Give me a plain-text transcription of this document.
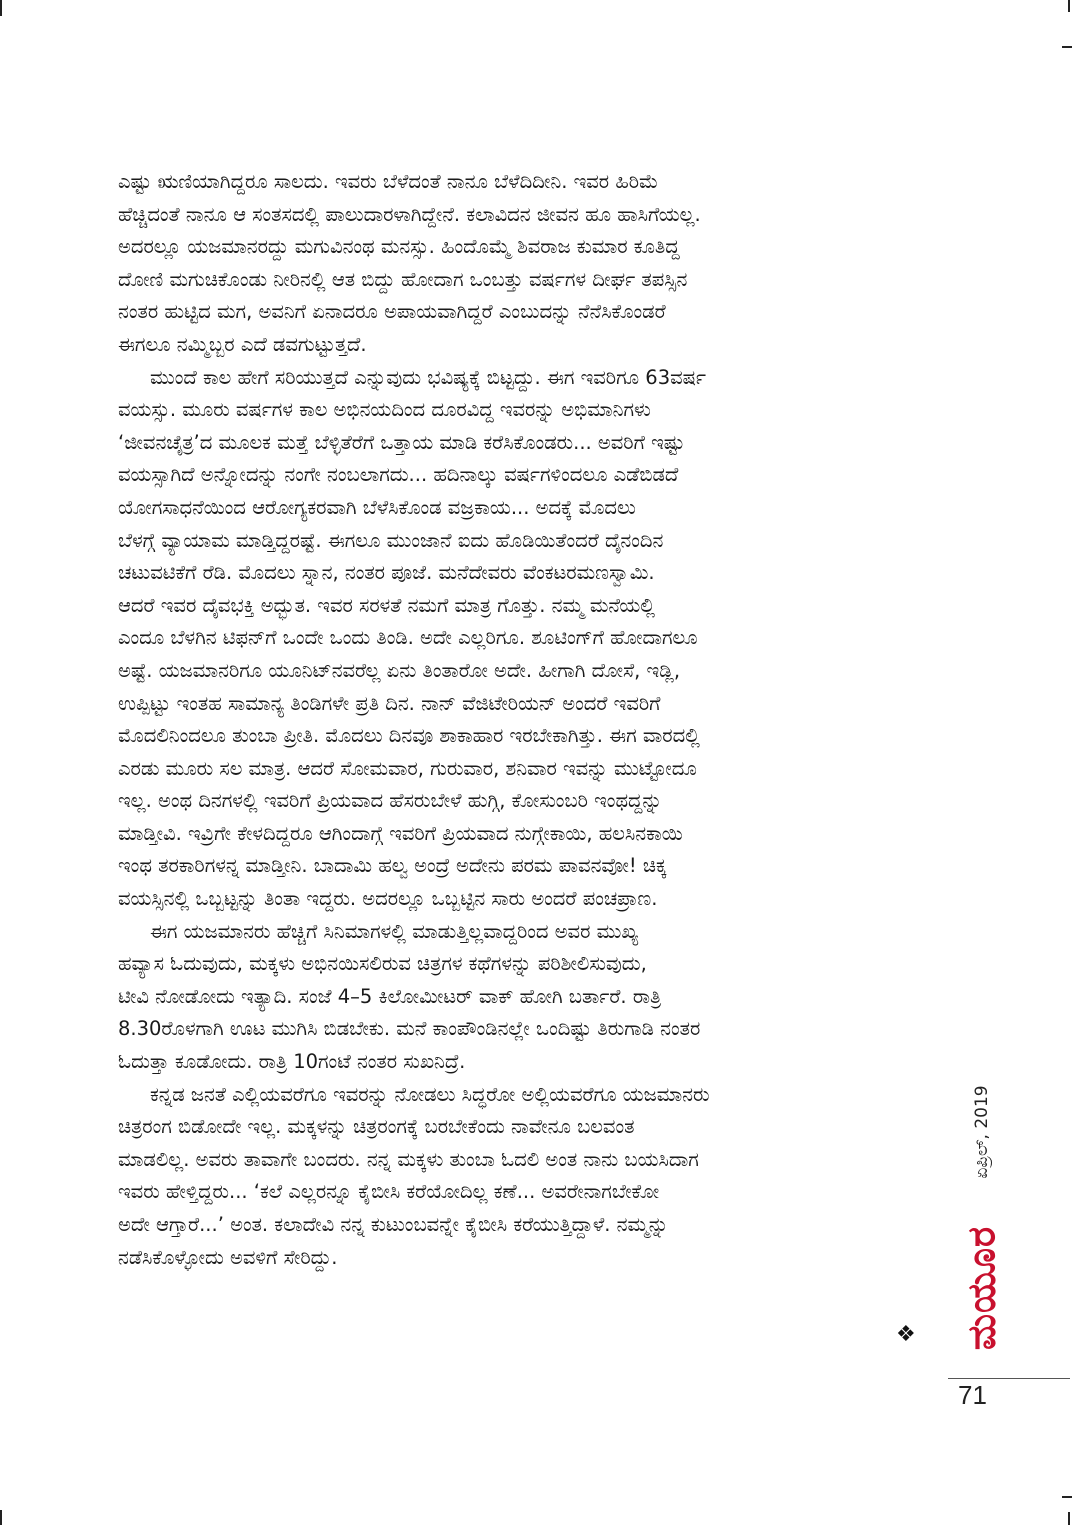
ಎಷ್ಟು ಋಣಿಯಾಗಿದ್ದರೂ ಸಾಲದು. ಇವರು ಬೆಳೆದಂತೆ ನಾನೂ ಬೆಳೆದಿದೀನಿ. ಇವರ ಹಿರಿಮೆ
ಹೆಚ್ಚಿದಂತೆ ನಾನೂ ಆ ಸಂತಸದಲ್ಲಿ ಪಾಲುದಾರಳಾಗಿದ್ದೇನೆ. ಕಲಾವಿದನ ಜೀವನ ಹೂ ಹಾಸಿಗೆಯಲ್ಲ.
ಅದರಲ್ಲೂ ಯಜಮಾನರದ್ದು ಮಗುವಿನಂಥ ಮನಸ್ಸು. ಹಿಂದೊಮ್ಮೆ ಶಿವರಾಜ ಕುಮಾರ ಕೂತಿದ್ದ
ದೋಣಿ ಮಗುಚಿಕೊಂಡು ನೀರಿನಲ್ಲಿ ಆತ ಬಿದ್ದು ಹೋದಾಗ ಒಂಬತ್ತು ವರ್ಷಗಳ ದೀರ್ಘ ತಪಸ್ಸಿನ
ನಂತರ ಹುಟ್ಟಿದ ಮಗ, ಅವನಿಗೆ ಏನಾದರೂ ಅಪಾಯವಾಗಿದ್ದರೆ ಎಂಬುದನ್ನು ನೆನೆಸಿಕೊಂಡರೆ
ಈಗಲೂ ನಮ್ಮಿಬ್ಬರ ಎದೆ ಡವಗುಟ್ಟುತ್ತದೆ.
ಮುಂದೆ ಕಾಲ ಹೇಗೆ ಸರಿಯುತ್ತದೆ ಎನ್ನುವುದು ಭವಿಷ್ಯಕ್ಕೆ ಬಿಟ್ಟದ್ದು. ಈಗ ಇವರಿಗೂ 63ವರ್ಷ
ವಯಸ್ಸು. ಮೂರು ವರ್ಷಗಳ ಕಾಲ ಅಭಿನಯದಿಂದ ದೂರವಿದ್ದ ಇವರನ್ನು ಅಭಿಮಾನಿಗಳು
‘ಜೀವನಚೈತ್ರ’ದ ಮೂಲಕ ಮತ್ತೆ ಬೆಳ್ಳಿತೆರೆಗೆ ಒತ್ತಾಯ ಮಾಡಿ ಕರೆಸಿಕೊಂಡರು... ಅವರಿಗೆ ಇಷ್ಟು
ವಯಸ್ಸಾಗಿದೆ ಅನ್ನೋದನ್ನು ನಂಗೇ ನಂಬಲಾಗದು... ಹದಿನಾಲ್ಕು ವರ್ಷಗಳಿಂದಲೂ ಎಡೆಬಿಡದೆ
ಯೋಗಸಾಧನೆಯಿಂದ ಆರೋಗ್ಯಕರವಾಗಿ ಬೆಳೆಸಿಕೊಂಡ ವಜ್ರಕಾಯ... ಅದಕ್ಕೆ ಮೊದಲು
ಬೆಳಗ್ಗೆ ವ್ಯಾಯಾಮ ಮಾಡ್ತಿದ್ದರಷ್ಟೆ. ಈಗಲೂ ಮುಂಜಾನೆ ಐದು ಹೊಡಿಯಿತೆಂದರೆ ದೈನಂದಿನ
ಚಟುವಟಿಕೆಗೆ ರೆಡಿ. ಮೊದಲು ಸ್ನಾನ, ನಂತರ ಪೂಜೆ. ಮನೆದೇವರು ವೆಂಕಟರಮಣಸ್ವಾಮಿ.
ಆದರೆ ಇವರ ದೈವಭಕ್ತಿ ಅದ್ಭುತ. ಇವರ ಸರಳತೆ ನಮಗೆ ಮಾತ್ರ ಗೊತ್ತು. ನಮ್ಮ ಮನೆಯಲ್ಲಿ
ಎಂದೂ ಬೆಳಗಿನ ಟಿಫನ್‌ಗೆ ಒಂದೇ ಒಂದು ತಿಂಡಿ. ಅದೇ ಎಲ್ಲರಿಗೂ. ಶೂಟಿಂಗ್‌ಗೆ ಹೋದಾಗಲೂ
ಅಷ್ಟೆ. ಯಜಮಾನರಿಗೂ ಯೂನಿಟ್‌ನವರೆಲ್ಲ ಏನು ತಿಂತಾರೋ ಅದೇ. ಹೀಗಾಗಿ ದೋಸೆ, ಇಡ್ಲಿ,
ಉಪ್ಪಿಟ್ಟು ಇಂತಹ ಸಾಮಾನ್ಯ ತಿಂಡಿಗಳೇ ಪ್ರತಿ ದಿನ. ನಾನ್ ವೆಜಿಟೇರಿಯನ್ ಅಂದರೆ ಇವರಿಗೆ
ಮೊದಲಿನಿಂದಲೂ ತುಂಬಾ ಪ್ರೀತಿ. ಮೊದಲು ದಿನವೂ ಶಾಕಾಹಾರ ಇರಬೇಕಾಗಿತ್ತು. ಈಗ ವಾರದಲ್ಲಿ
ಎರಡು ಮೂರು ಸಲ ಮಾತ್ರ. ಆದರೆ ಸೋಮವಾರ, ಗುರುವಾರ, ಶನಿವಾರ ಇವನ್ನು ಮುಟ್ಟೋದೂ
ಇಲ್ಲ. ಅಂಥ ದಿನಗಳಲ್ಲಿ ಇವರಿಗೆ ಪ್ರಿಯವಾದ ಹೆಸರುಬೇಳೆ ಹುಗ್ಗಿ, ಕೋಸುಂಬರಿ ಇಂಥದ್ದನ್ನು
ಮಾಡ್ತೀವಿ. ಇವ್ರಿಗೇ ಕೇಳದಿದ್ದರೂ ಆಗಿಂದಾಗ್ಗೆ ಇವರಿಗೆ ಪ್ರಿಯವಾದ ನುಗ್ಗೇಕಾಯಿ, ಹಲಸಿನಕಾಯಿ
ಇಂಥ ತರಕಾರಿಗಳನ್ನ ಮಾಡ್ತೀನಿ. ಬಾದಾಮಿ ಹಲ್ವ ಅಂದ್ರೆ ಅದೇನು ಪರಮ ಪಾವನವೋ! ಚಿಕ್ಕ
ವಯಸ್ಸಿನಲ್ಲಿ ಒಬ್ಬಟ್ಟನ್ನು ತಿಂತಾ ಇದ್ದರು. ಅದರಲ್ಲೂ ಒಬ್ಬಟ್ಟಿನ ಸಾರು ಅಂದರೆ ಪಂಚಪ್ರಾಣ.
ಈಗ ಯಜಮಾನರು ಹೆಚ್ಚಿಗೆ ಸಿನಿಮಾಗಳಲ್ಲಿ ಮಾಡುತ್ತಿಲ್ಲವಾದ್ದರಿಂದ ಅವರ ಮುಖ್ಯ
ಹವ್ಯಾಸ ಓದುವುದು, ಮಕ್ಕಳು ಅಭಿನಯಿಸಲಿರುವ ಚಿತ್ರಗಳ ಕಥೆಗಳನ್ನು ಪರಿಶೀಲಿಸುವುದು,
ಟೀವಿ ನೋಡೋದು ಇತ್ಯಾದಿ. ಸಂಜೆ 4–5 ಕಿಲೋಮೀಟರ್ ವಾಕ್ ಹೋಗಿ ಬರ್ತಾರೆ. ರಾತ್ರಿ
8.30ರೊಳಗಾಗಿ ಊಟ ಮುಗಿಸಿ ಬಿಡಬೇಕು. ಮನೆ ಕಾಂಪೌಂಡಿನಲ್ಲೇ ಒಂದಿಷ್ಟು ತಿರುಗಾಡಿ ನಂತರ
ಓದುತ್ತಾ ಕೂಡೋದು. ರಾತ್ರಿ 10ಗಂಟೆ ನಂತರ ಸುಖನಿದ್ರೆ.
ಕನ್ನಡ ಜನತೆ ಎಲ್ಲಿಯವರೆಗೂ ಇವರನ್ನು ನೋಡಲು ಸಿದ್ಧರೋ ಅಲ್ಲಿಯವರೆಗೂ ಯಜಮಾನರು
ಚಿತ್ರರಂಗ ಬಿಡೋದೇ ಇಲ್ಲ. ಮಕ್ಕಳನ್ನು ಚಿತ್ರರಂಗಕ್ಕೆ ಬರಬೇಕೆಂದು ನಾವೇನೂ ಬಲವಂತ
ಮಾಡಲಿಲ್ಲ. ಅವರು ತಾವಾಗೇ ಬಂದರು. ನನ್ನ ಮಕ್ಕಳು ತುಂಬಾ ಓದಲಿ ಅಂತ ನಾನು ಬಯಸಿದಾಗ
ಇವರು ಹೇಳ್ತಿದ್ದರು... ‘ಕಲೆ ಎಲ್ಲರನ್ನೂ ಕೈಬೀಸಿ ಕರೆಯೋದಿಲ್ಲ ಕಣೆ... ಅವರೇನಾಗಬೇಕೋ
ಅದೇ ಆಗ್ತಾರೆ...’ ಅಂತ. ಕಲಾದೇವಿ ನನ್ನ ಕುಟುಂಬವನ್ನೇ ಕೈಬೀಸಿ ಕರೆಯುತ್ತಿದ್ದಾಳೆ. ನಮ್ಮನ್ನು
ನಡೆಸಿಕೊಳ್ಳೋದು ಅವಳಿಗೆ ಸೇರಿದ್ದು.
❖
ಏಪ್ರಿಲ್, 2019
ಮಯೂರ
71
